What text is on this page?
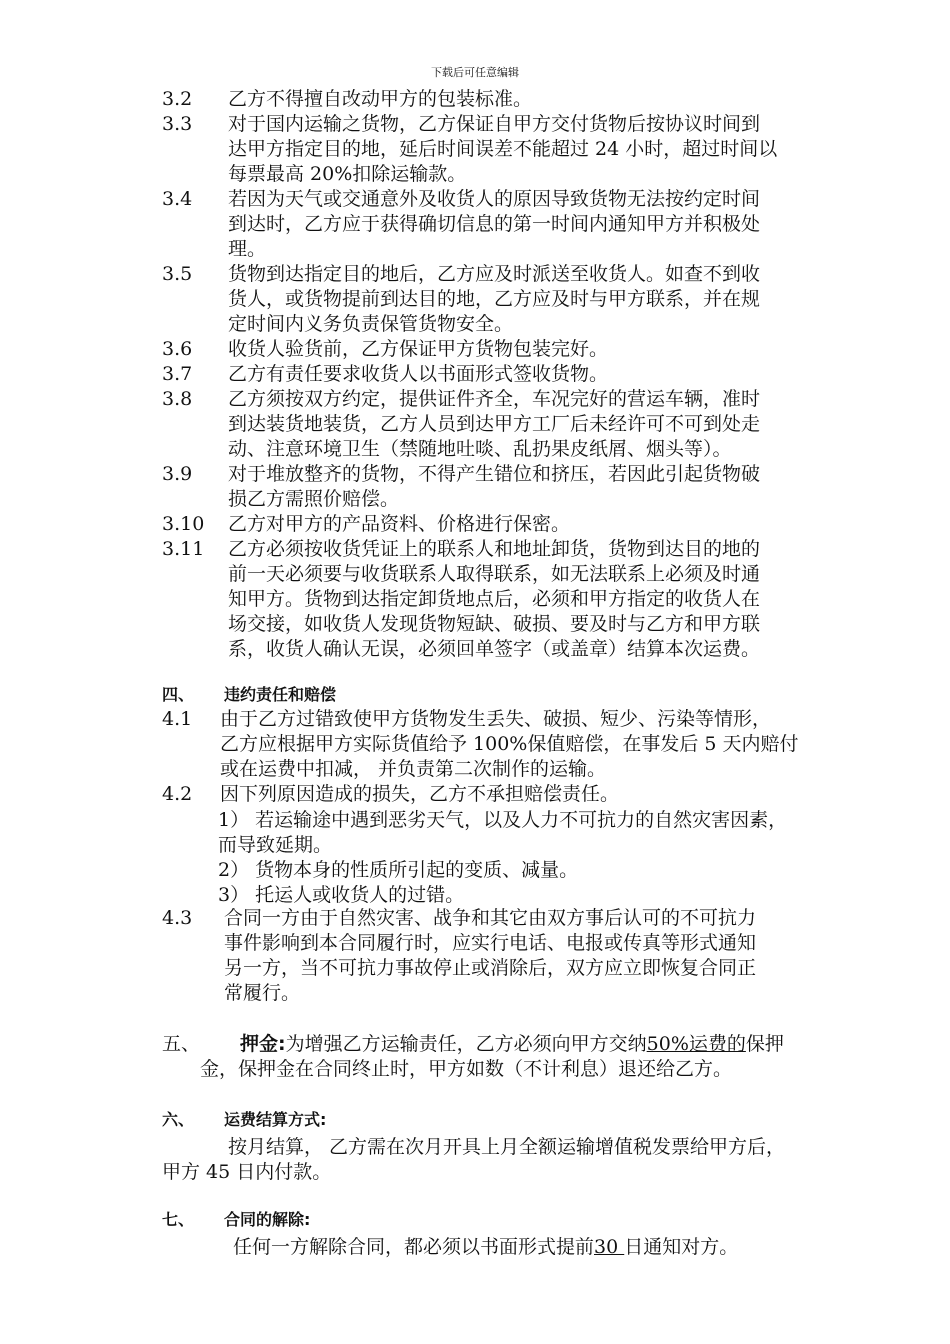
下载后可任意编辑
3.2 乙方不得擅自改动甲方的包装标准。
3.3 对于国内运输之货物，乙方保证自甲方交付货物后按协议时间到
达甲方指定目的地，延后时间误差不能超过 24 小时，超过时间以
每票最高 20%扣除运输款。
3.4 若因为天气或交通意外及收货人的原因导致货物无法按约定时间
到达时，乙方应于获得确切信息的第一时间内通知甲方并积极处
理。
3.5 货物到达指定目的地后，乙方应及时派送至收货人。如查不到收
货人，或货物提前到达目的地，乙方应及时与甲方联系，并在规
定时间内义务负责保管货物安全。
3.6 收货人验货前，乙方保证甲方货物包装完好。
3.7 乙方有责任要求收货人以书面形式签收货物。
3.8 乙方须按双方约定，提供证件齐全，车况完好的营运车辆，准时
到达装货地装货，乙方人员到达甲方工厂后未经许可不可到处走
动、注意环境卫生（禁随地吐啖、乱扔果皮纸屑、烟头等）。
3.9 对于堆放整齐的货物，不得产生错位和挤压，若因此引起货物破
损乙方需照价赔偿。
3.10 乙方对甲方的产品资料、价格进行保密。
3.11 乙方必须按收货凭证上的联系人和地址卸货，货物到达目的地的
前一天必须要与收货联系人取得联系，如无法联系上必须及时通
知甲方。货物到达指定卸货地点后，必须和甲方指定的收货人在
场交接，如收货人发现货物短缺、破损、要及时与乙方和甲方联
系，收货人确认无误，必须回单签字（或盖章）结算本次运费。
四、 违约责任和赔偿
4.1 由于乙方过错致使甲方货物发生丢失、破损、短少、污染等情形，
乙方应根据甲方实际货值给予 100%保值赔偿，在事发后 5 天内赔付
或在运费中扣减， 并负责第二次制作的运输。
4.2 因下列原因造成的损失，乙方不承担赔偿责任。
1） 若运输途中遇到恶劣天气，以及人力不可抗力的自然灾害因素，
而导致延期。
2） 货物本身的性质所引起的变质、减量。
3） 托运人或收货人的过错。
4.3 合同一方由于自然灾害、战争和其它由双方事后认可的不可抗力
事件影响到本合同履行时，应实行电话、电报或传真等形式通知
另一方，当不可抗力事故停止或消除后，双方应立即恢复合同正
常履行。
五、 押金:为增强乙方运输责任，乙方必须向甲方交纳50%运费的保押
金，保押金在合同终止时，甲方如数（不计利息）退还给乙方。
六、 运费结算方式:
按月结算， 乙方需在次月开具上月全额运输增值税发票给甲方后，
甲方 45 日内付款。
七、 合同的解除:
任何一方解除合同，都必须以书面形式提前30 日通知对方。
